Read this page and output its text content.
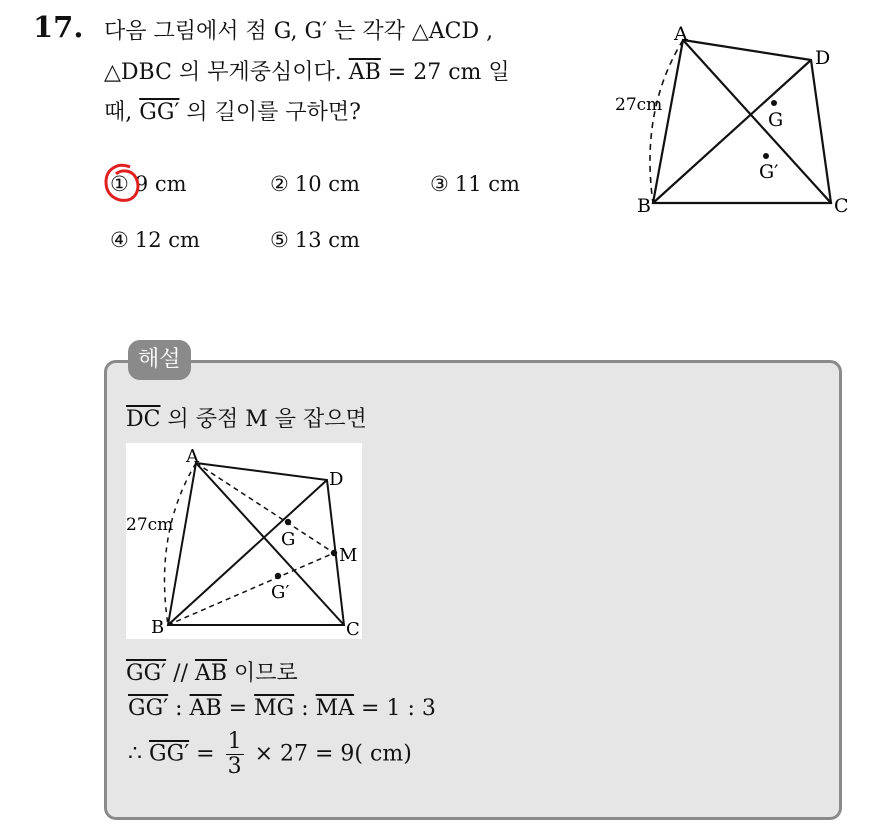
17. 다음 그림에서 점 G, G′ 는 각각 △ACD ,
△DBC 의 무게중심이다. $\overline{AB} = 27$ cm 일
때, GG′ 의 길이를 구하면?
① 9 cm	② 10 cm	③ 11 cm
④ 12 cm	⑤ 13 cm
A
D
B	C
G
G′
27cm
해설
$\overline{DC}$ 의 중점 M 을 잡으면
A
D
B	C
M
G
G′
27cm
$GG' // \overline{AB}$ 이므로
GG′ : $\overline{AB} = \overline{MG}$ : $\overline{MA} = 1$ : 3
∴ $GG' = \frac{1}{3} \times 27 = 9$( cm)
